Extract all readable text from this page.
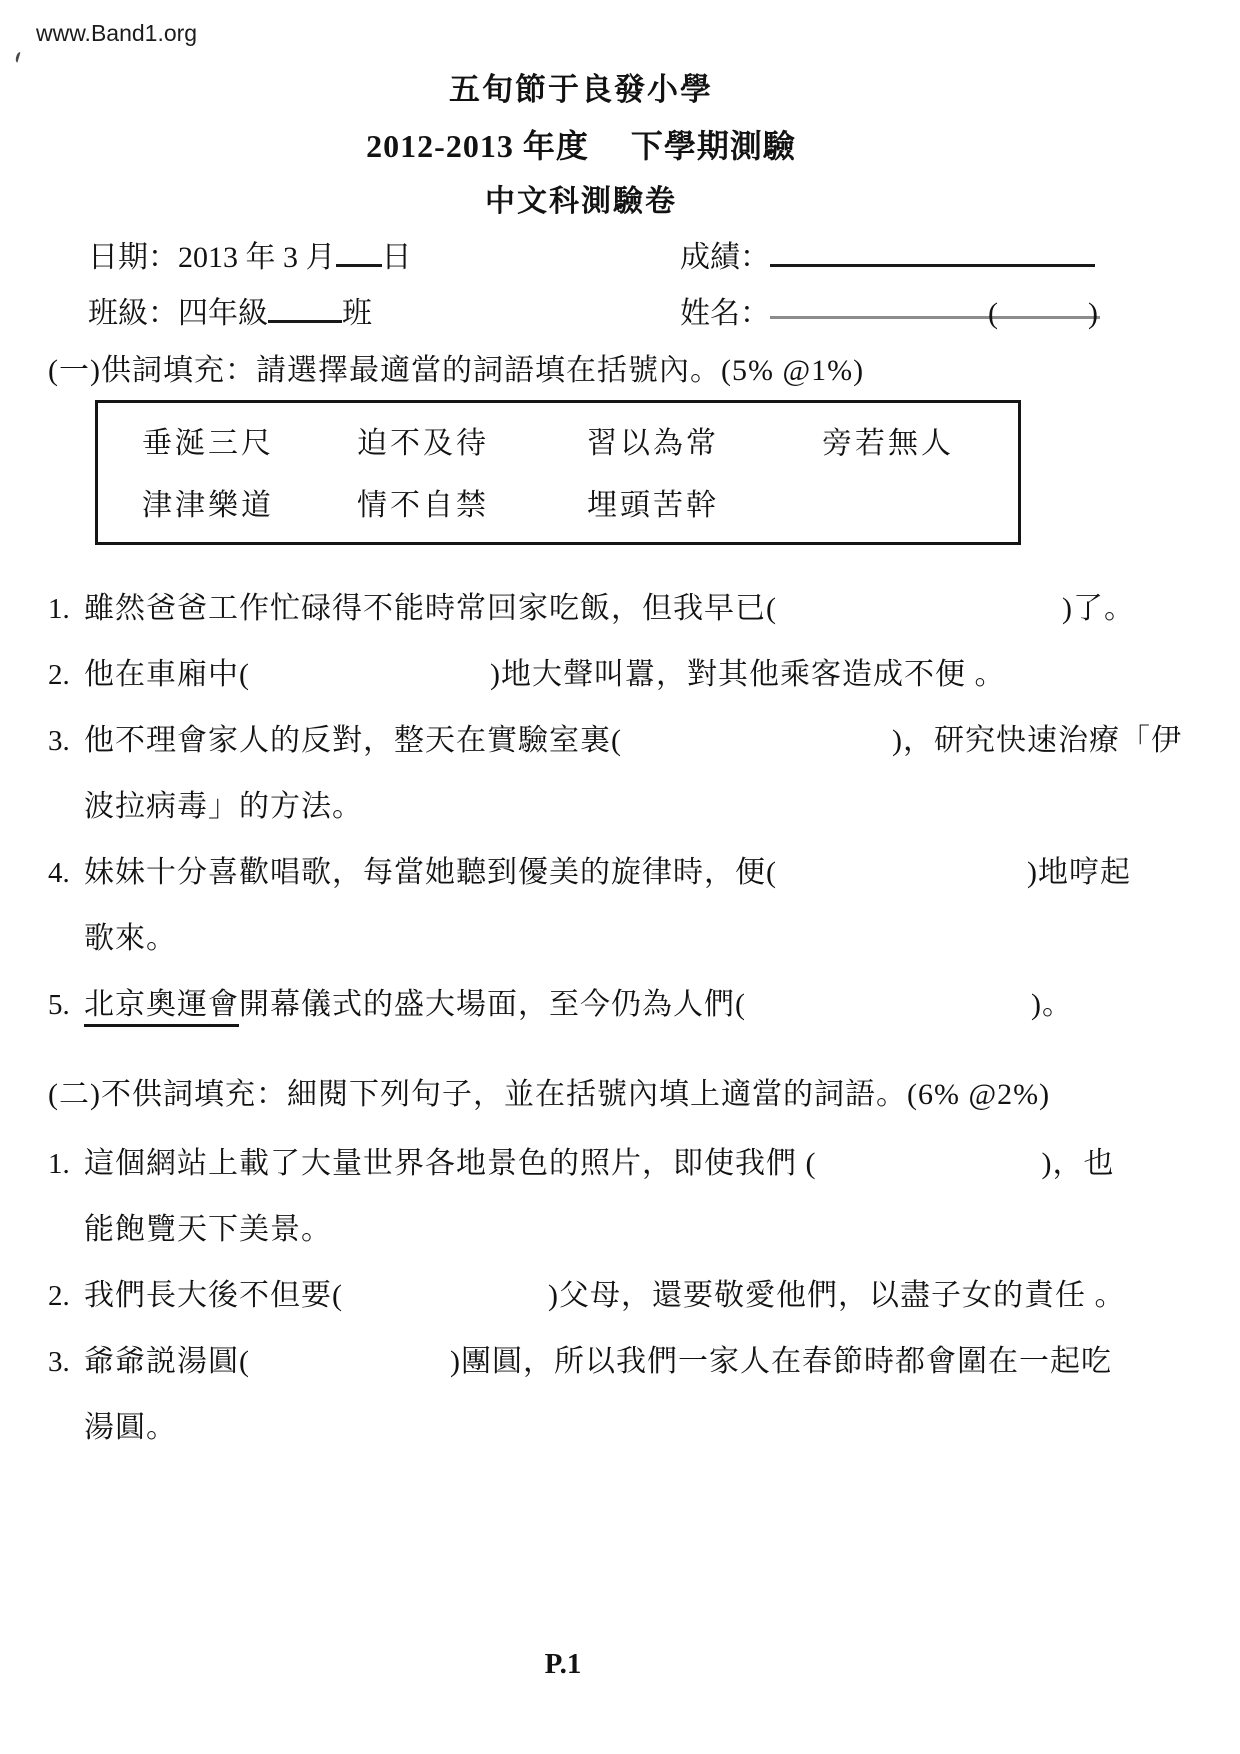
www.Band1.org

五旬節于良發小學

2012-2013 年度　 下學期測驗

中文科測驗卷

日期：2013 年 3 月 日	成績：
班級：四年級 班	姓名：	(　　　)

(一)供詞填充：請選擇最適當的詞語填在括號內。(5% @1%)

垂涎三尺	迫不及待	習以為常	旁若無人
津津樂道	情不自禁	埋頭苦幹

1. 雖然爸爸工作忙碌得不能時常回家吃飯，但我早已(	)了。

2. 他在車廂中(	)地大聲叫囂，對其他乘客造成不便 。

3. 他不理會家人的反對，整天在實驗室裏(	)，研究快速治療「伊

波拉病毒」的方法。

4. 妹妹十分喜歡唱歌，每當她聽到優美的旋律時，便(	)地哼起

歌來。

5. 北京奧運會開幕儀式的盛大場面，至今仍為人們(	)。

(二)不供詞填充：細閱下列句子，並在括號內填上適當的詞語。(6% @2%)

1. 這個網站上載了大量世界各地景色的照片，即使我們 (	)，也

能飽覽天下美景。

2. 我們長大後不但要(	)父母，還要敬愛他們，以盡子女的責任 。

3. 爺爺説湯圓(	)團圓，所以我們一家人在春節時都會圍在一起吃

湯圓。

P.1
